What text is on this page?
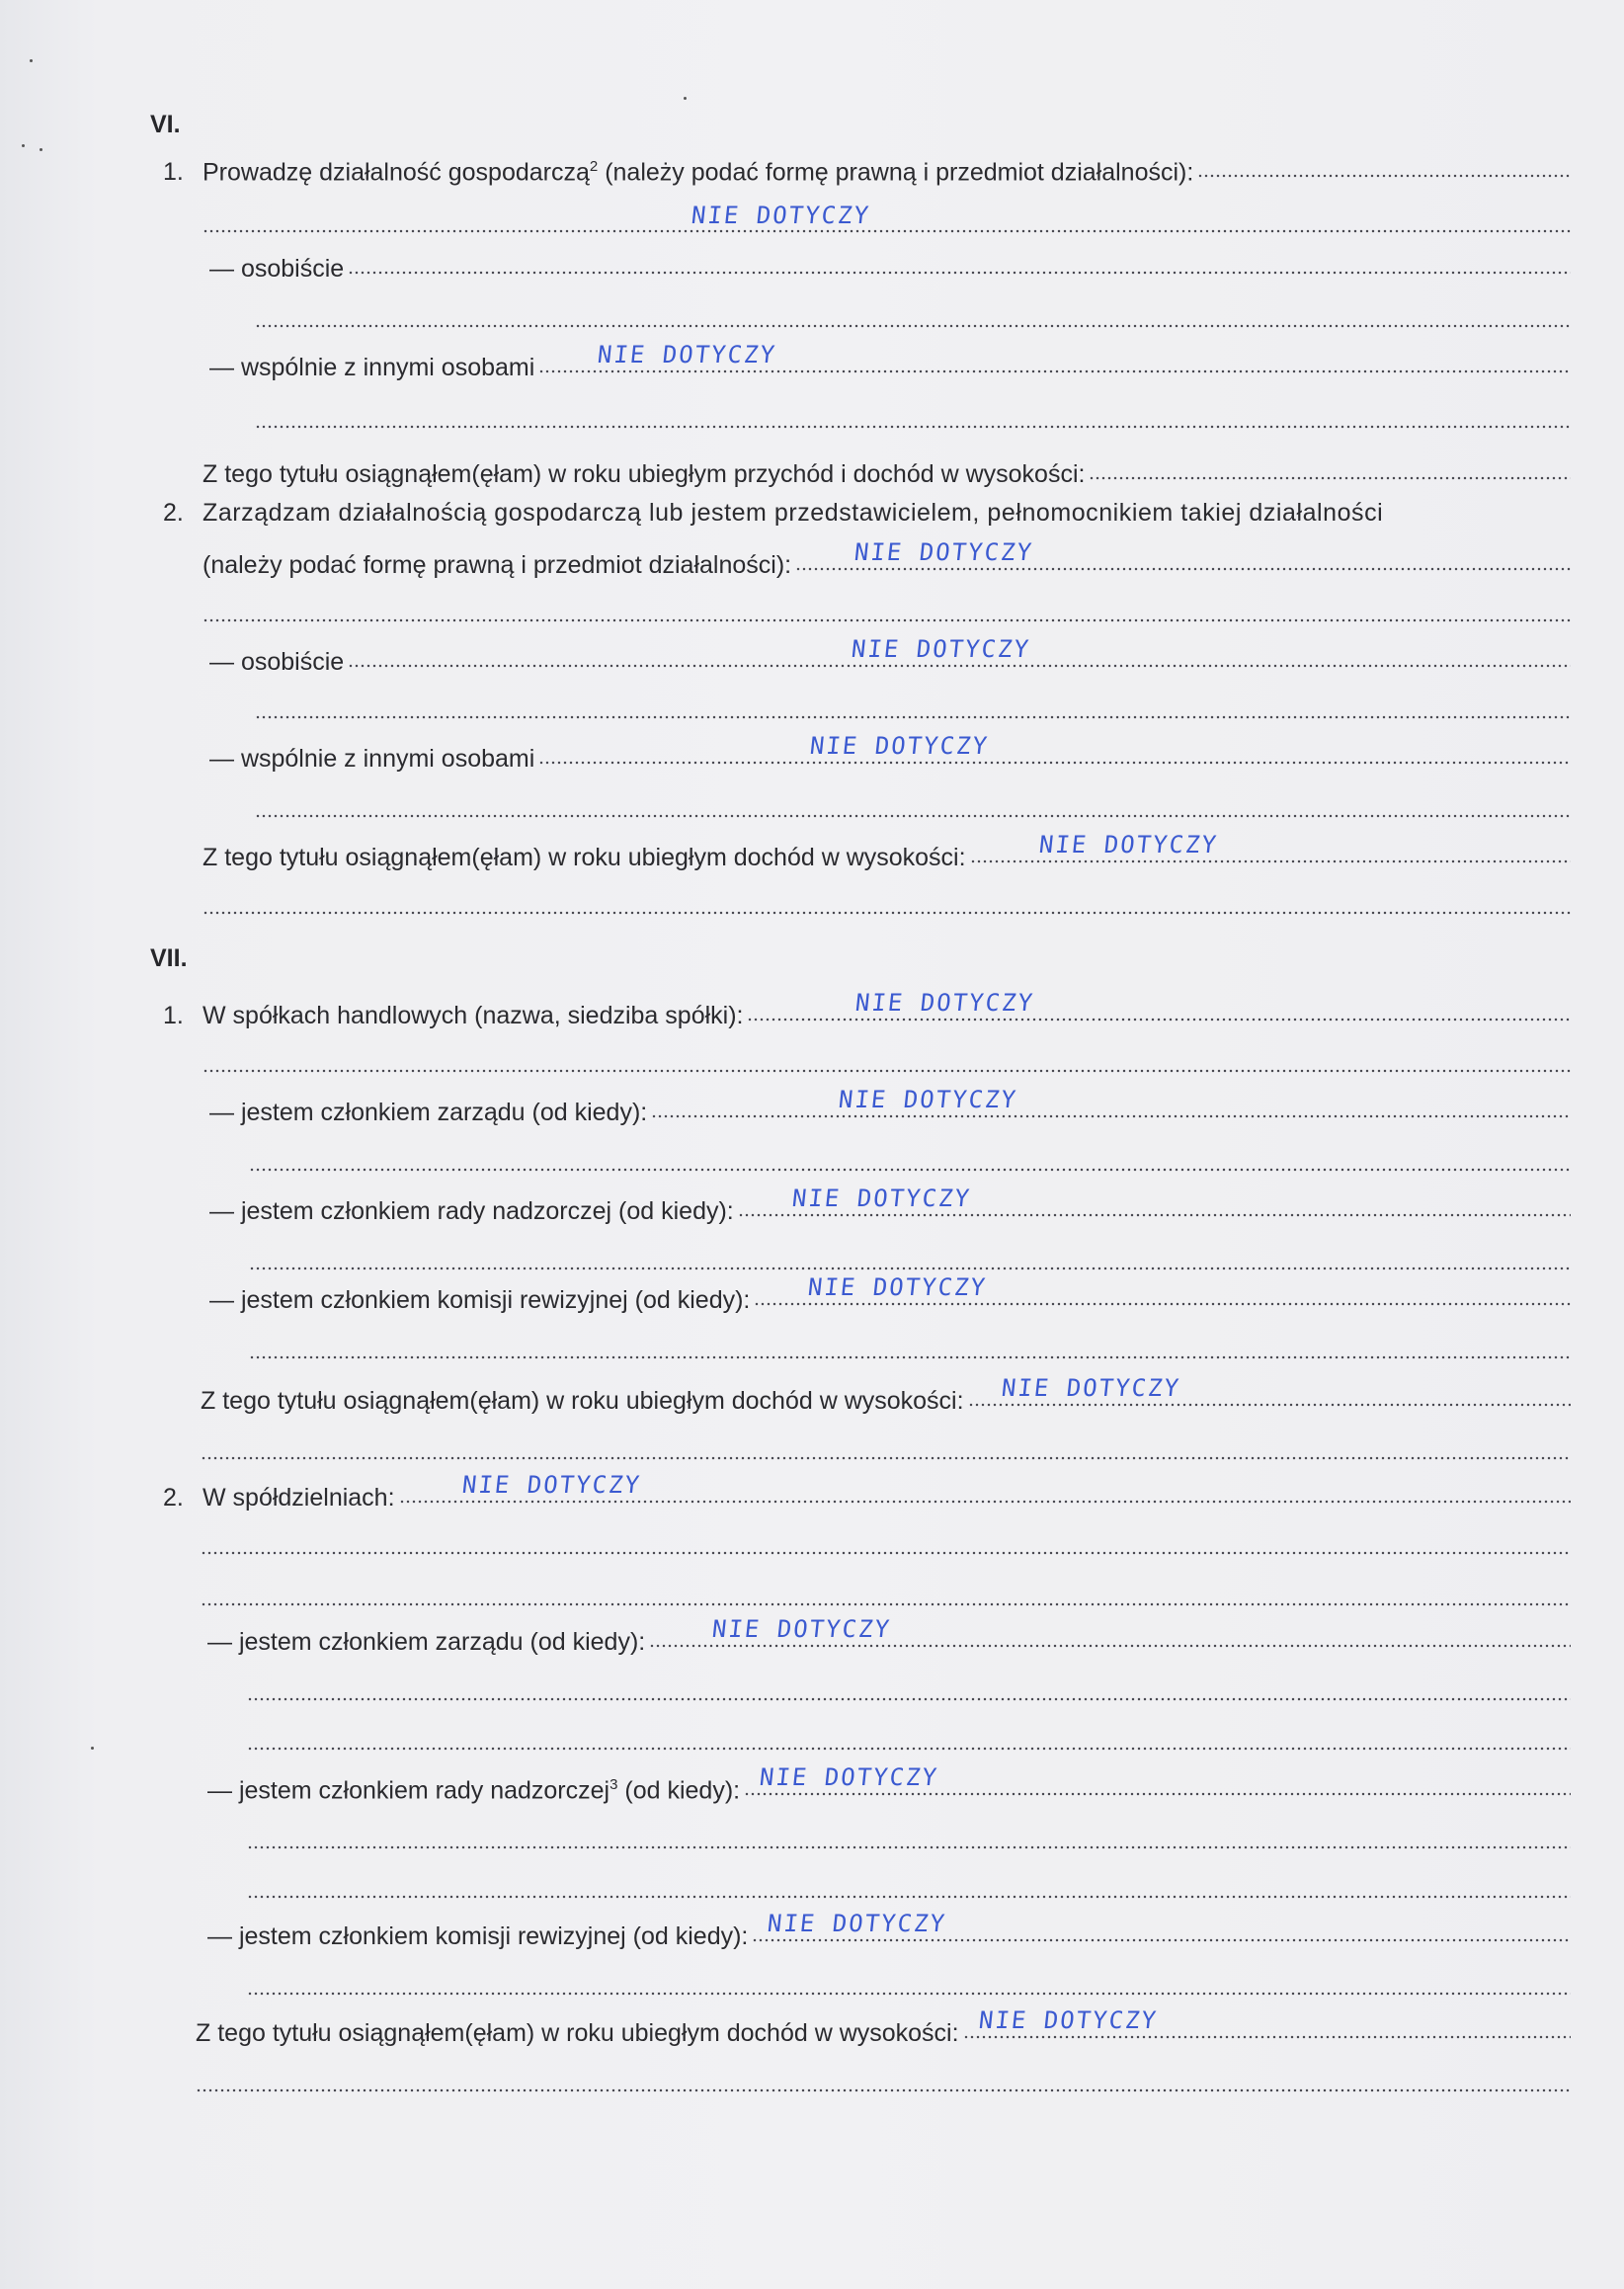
VI.
1. Prowadzę działalność gospodarczą$^2$ (należy podać formę prawną i przedmiot działalności):
NIE DOTYCZY
— osobiście
— wspólnie z innymi osobami	NIE DOTYCZY
Z tego tytułu osiągnąłem(ęłam) w roku ubiegłym przychód i dochód w wysokości:
2. Zarządzam działalnością gospodarczą lub jestem przedstawicielem, pełnomocnikiem takiej działalności
(należy podać formę prawną i przedmiot działalności):	NIE DOTYCZY
— osobiście	NIE DOTYCZY
— wspólnie z innymi osobami	NIE DOTYCZY
Z tego tytułu osiągnąłem(ęłam) w roku ubiegłym dochód w wysokości:	NIE DOTYCZY
VII.
1. W spółkach handlowych (nazwa, siedziba spółki):	NIE DOTYCZY
— jestem członkiem zarządu (od kiedy):	NIE DOTYCZY
— jestem członkiem rady nadzorczej (od kiedy): NIE DOTYCZY
— jestem członkiem komisji rewizyjnej (od kiedy): NIE DOTYCZY
Z tego tytułu osiągnąłem(ęłam) w roku ubiegłym dochód w wysokości: NIE DOTYCZY
2. W spółdzielniach:	NIE DOTYCZY
— jestem członkiem zarządu (od kiedy):	NIE DOTYCZY
— jestem członkiem rady nadzorczej$^3$ (od kiedy): NIE DOTYCZY
— jestem członkiem komisji rewizyjnej (od kiedy): NIE DOTYCZY
Z tego tytułu osiągnąłem(ęłam) w roku ubiegłym dochód w wysokości: NIE DOTYCZY
